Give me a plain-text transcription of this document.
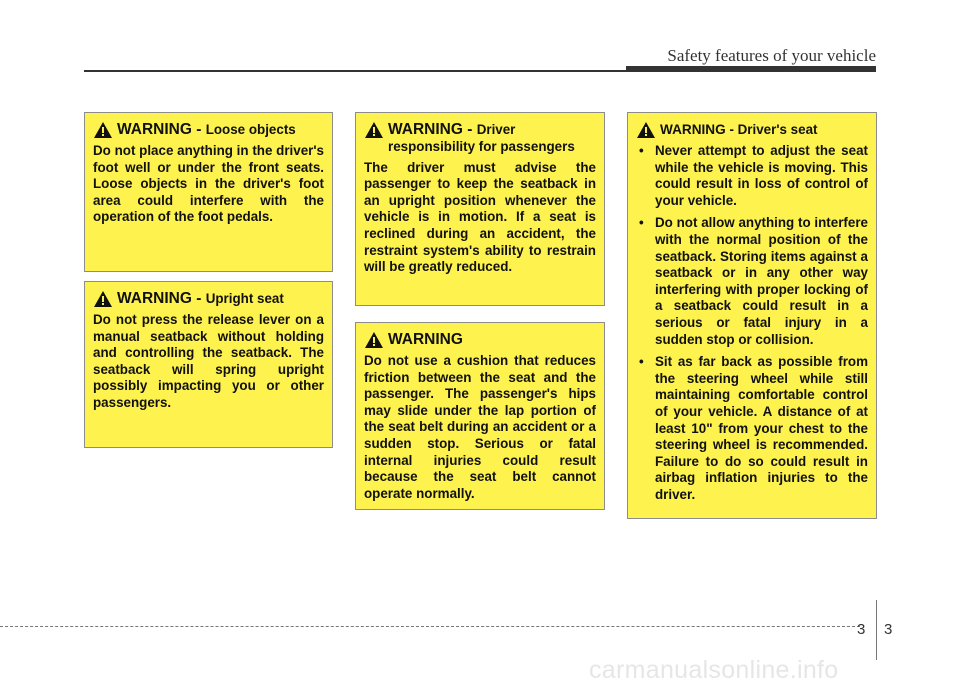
Safety features of your vehicle
WARNING - Loose objects
Do not place anything in the driver's foot well or under the front seats. Loose objects in the driver's foot area could interfere with the operation of the foot pedals.
WARNING - Upright seat
Do not press the release lever on a manual seatback without holding and controlling the seatback. The seatback will spring upright possibly impacting you or other passengers.
WARNING - Driver responsibility for passengers
The driver must advise the passenger to keep the seatback in an upright position whenever the vehicle is in motion. If a seat is reclined during an accident, the restraint system's ability to restrain will be greatly reduced.
WARNING
Do not use a cushion that reduces friction between the seat and the passenger. The passenger's hips may slide under the lap portion of the seat belt during an accident or a sudden stop. Serious or fatal internal injuries could result because the seat belt cannot operate normally.
WARNING - Driver's seat
• Never attempt to adjust the seat while the vehicle is moving. This could result in loss of control of your vehicle.
• Do not allow anything to interfere with the normal position of the seatback. Storing items against a seatback or in any other way interfering with proper locking of a seatback could result in a serious or fatal injury in a sudden stop or collision.
• Sit as far back as possible from the steering wheel while still maintaining comfortable control of your vehicle. A distance of at least 10" from your chest to the steering wheel is recommended. Failure to do so could result in airbag inflation injuries to the driver.
3 3
carmanualsonline.info
